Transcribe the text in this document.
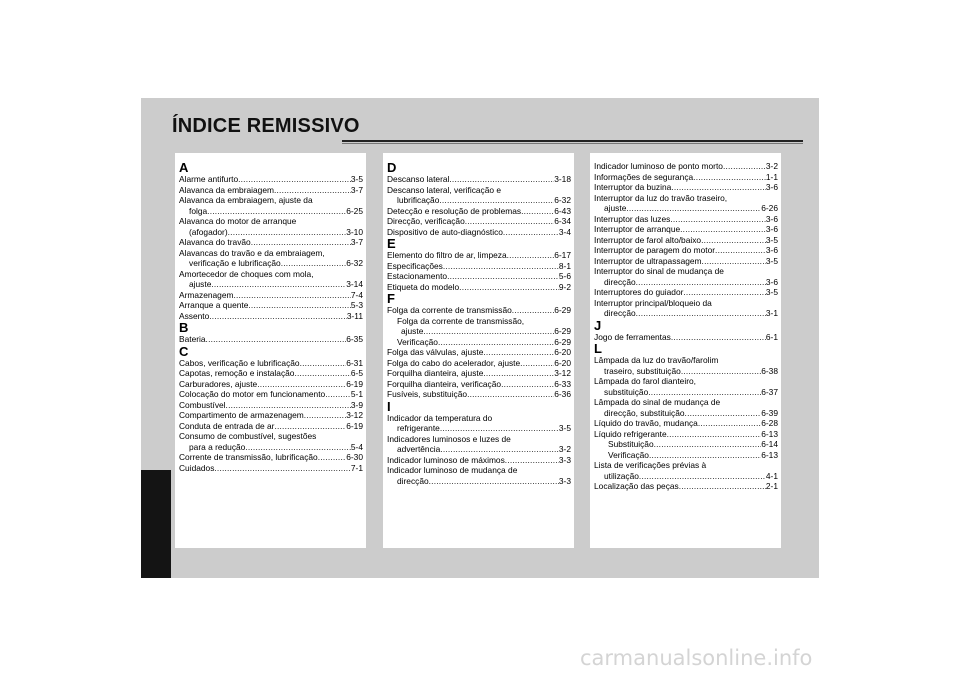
ÍNDICE REMISSIVO
A
Alarme antifurto .....	3-5
Alavanca da embraiagem .....	3-7
Alavanca da embraiagem, ajuste da
folga .....	6-25
Alavanca do motor de arranque
(afogador) .....	3-10
Alavanca do travão .....	3-7
Alavancas do travão e da embraiagem,
verificação e lubrificação .....	6-32
Amortecedor de choques com mola,
ajuste .....	3-14
Armazenagem .....	7-4
Arranque a quente .....	5-3
Assento .....	3-11
B
Bateria .....	6-35
C
Cabos, verificação e lubrificação .....	6-31
Capotas, remoção e instalação .....	6-5
Carburadores, ajuste .....	6-19
Colocação do motor em funcionamento .....	5-1
Combustível .....	3-9
Compartimento de armazenagem .....	3-12
Conduta de entrada de ar .....	6-19
Consumo de combustível, sugestões
para a redução .....	5-4
Corrente de transmissão, lubrificação .....	6-30
Cuidados .....	7-1
D
Descanso lateral .....	3-18
Descanso lateral, verificação e
lubrificação .....	6-32
Detecção e resolução de problemas .....	6-43
Direcção, verificação .....	6-34
Dispositivo de auto-diagnóstico .....	3-4
E
Elemento do filtro de ar, limpeza .....	6-17
Especificações .....	8-1
Estacionamento .....	5-6
Etiqueta do modelo .....	9-2
F
Folga da corrente de transmissão .....	6-29
Folga da corrente de transmissão,
ajuste .....	6-29
Verificação .....	6-29
Folga das válvulas, ajuste .....	6-20
Folga do cabo do acelerador, ajuste .....	6-20
Forquilha dianteira, ajuste .....	3-12
Forquilha dianteira, verificação .....	6-33
Fusíveis, substituição .....	6-36
I
Indicador da temperatura do
refrigerante .....	3-5
Indicadores luminosos e luzes de
advertência .....	3-2
Indicador luminoso de máximos .....	3-3
Indicador luminoso de mudança de
direcção .....	3-3
Indicador luminoso de ponto morto .....	3-2
Informações de segurança .....	1-1
Interruptor da buzina .....	3-6
Interruptor da luz do travão traseiro,
ajuste .....	6-26
Interruptor das luzes .....	3-6
Interruptor de arranque .....	3-6
Interruptor de farol alto/baixo .....	3-5
Interruptor de paragem do motor .....	3-6
Interruptor de ultrapassagem .....	3-5
Interruptor do sinal de mudança de
direcção .....	3-6
Interruptores do guiador .....	3-5
Interruptor principal/bloqueio da
direcção .....	3-1
J
Jogo de ferramentas .....	6-1
L
Lâmpada da luz do travão/farolim
traseiro, substituição .....	6-38
Lâmpada do farol dianteiro,
substituição .....	6-37
Lâmpada do sinal de mudança de
direcção, substituição .....	6-39
Líquido do travão, mudança .....	6-28
Líquido refrigerante .....	6-13
Substituição .....	6-14
Verificação .....	6-13
Lista de verificações prévias à
utilização .....	4-1
Localização das peças .....	2-1
carmanualsonline.info
